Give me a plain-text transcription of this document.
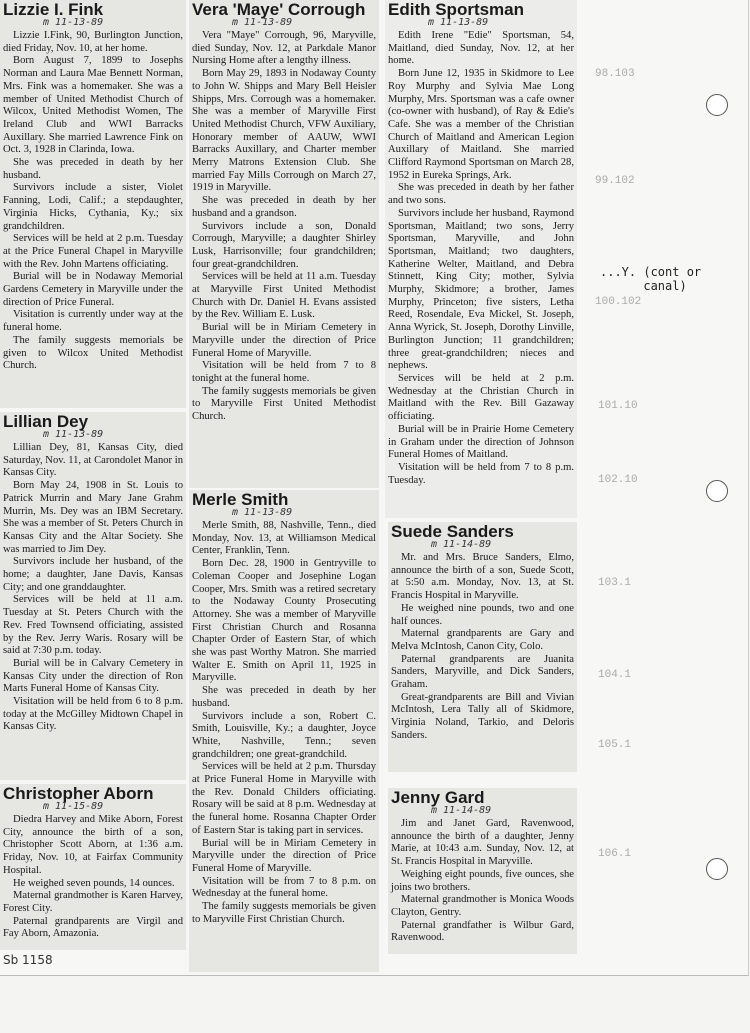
Lizzie I. Fink
m 11-13-89

Lizzie I.Fink, 90, Burlington Junction, died Friday, Nov. 10, at her home.

Born August 7, 1899 to Josephs Norman and Laura Mae Bennett Norman, Mrs. Fink was a homemaker. She was a member of United Methodist Church of Wilcox, United Methodist Women, The Ireland Club and WWI Barracks Auxillary. She married Lawrence Fink on Oct. 3, 1928 in Clarinda, Iowa.

She was preceded in death by her husband.

Survivors include a sister, Violet Fanning, Lodi, Calif.; a stepdaughter, Virginia Hicks, Cythania, Ky.; six grandchildren.

Services will be held at 2 p.m. Tuesday at the Price Funeral Chapel in Maryville with the Rev. John Martens officiating.

Burial will be in Nodaway Memorial Gardens Cemetery in Maryville under the direction of Price Funeral.

Visitation is currently under way at the funeral home.

The family suggests memorials be given to Wilcox United Methodist Church.

Lillian Dey
m 11-13-89

Lillian Dey, 81, Kansas City, died Saturday, Nov. 11, at Carondolet Manor in Kansas City.

Born May 24, 1908 in St. Louis to Patrick Murrin and Mary Jane Grahm Murrin, Ms. Dey was an IBM Secretary. She was a member of St. Peters Church in Kansas City and the Altar Society. She was married to Jim Dey.

Survivors include her husband, of the home; a daughter, Jane Davis, Kansas City; and one granddaughter.

Services will be held at 11 a.m. Tuesday at St. Peters Church with the Rev. Fred Townsend officiating, assisted by the Rev. Jerry Waris. Rosary will be said at 7:30 p.m. today.

Burial will be in Calvary Cemetery in Kansas City under the direction of Ron Marts Funeral Home of Kansas City.

Visitation will be held from 6 to 8 p.m. today at the McGilley Midtown Chapel in Kansas City.

Christopher Aborn
m 11-15-89

Diedra Harvey and Mike Aborn, Forest City, announce the birth of a son, Christopher Scott Aborn, at 1:36 a.m. Friday, Nov. 10, at Fairfax Community Hospital.

He weighed seven pounds, 14 ounces.

Maternal grandmother is Karen Harvey, Forest City.

Paternal grandparents are Virgil and Fay Aborn, Amazonia.

Vera 'Maye' Corrough
m 11-13-89

Vera "Maye" Corrough, 96, Maryville, died Sunday, Nov. 12, at Parkdale Manor Nursing Home after a lengthy illness.

Born May 29, 1893 in Nodaway County to John W. Shipps and Mary Bell Heisler Shipps, Mrs. Corrough was a homemaker. She was a member of Maryville First United Methodist Church, VFW Auxiliary, Honorary member of AAUW, WWI Barracks Auxillary, and Charter member Merry Matrons Extension Club. She married Fay Mills Corrough on March 27, 1919 in Maryville.

She was preceded in death by her husband and a grandson.

Survivors include a son, Donald Corrough, Maryville; a daughter Shirley Lusk, Harrisonville; four grandchildren; four great-grandchildren.

Services will be held at 11 a.m. Tuesday at Maryville First United Methodist Church with Dr. Daniel H. Evans assisted by the Rev. William E. Lusk.

Burial will be in Miriam Cemetery in Maryville under the direction of Price Funeral Home of Maryville.

Visitation will be held from 7 to 8 tonight at the funeral home.

The family suggests memorials be given to Maryville First United Methodist Church.

Merle Smith
m 11-13-89

Merle Smith, 88, Nashville, Tenn., died Monday, Nov. 13, at Williamson Medical Center, Franklin, Tenn.

Born Dec. 28, 1900 in Gentryville to Coleman Cooper and Josephine Logan Cooper, Mrs. Smith was a retired secretary to the Nodaway County Prosecuting Attorney. She was a member of Maryville First Christian Church and Rosanna Chapter Order of Eastern Star, of which she was past Worthy Matron. She married Walter E. Smith on April 11, 1925 in Maryville.

She was preceded in death by her husband.

Survivors include a son, Robert C. Smith, Louisville, Ky.; a daughter, Joyce White, Nashville, Tenn.; seven grandchildren; one great-grandchild.

Services will be held at 2 p.m. Thursday at Price Funeral Home in Maryville with the Rev. Donald Childers officiating. Rosary will be said at 8 p.m. Wednesday at the funeral home. Rosanna Chapter Order of Eastern Star is taking part in services.

Burial will be in Miriam Cemetery in Maryville under the direction of Price Funeral Home of Maryville.

Visitation will be from 7 to 8 p.m. on Wednesday at the funeral home.

The family suggests memorials be given to Maryville First Christian Church.

Edith Sportsman
m 11-13-89

Edith Irene "Edie" Sportsman, 54, Maitland, died Sunday, Nov. 12, at her home.

Born June 12, 1935 in Skidmore to Lee Roy Murphy and Sylvia Mae Long Murphy, Mrs. Sportsman was a cafe owner (co-owner with husband), of Ray & Edie's Cafe. She was a member of the Christian Church of Maitland and American Legion Auxillary of Maitland. She married Clifford Raymond Sportsman on March 28, 1952 in Eureka Springs, Ark.

She was preceded in death by her father and two sons.

Survivors include her husband, Raymond Sportsman, Maitland; two sons, Jerry Sportsman, Maryville, and John Sportsman, Maitland; two daughters, Katherine Welter, Maitland, and Debra Stinnett, King City; mother, Sylvia Murphy, Skidmore; a brother, James Murphy, Princeton; five sisters, Letha Reed, Rosendale, Eva Mickel, St. Joseph, Anna Wyrick, St. Joseph, Dorothy Linville, Burlington Junction; 11 grandchildren; three great-grandchildren; nieces and nephews.

Services will be held at 2 p.m. Wednesday at the Christian Church in Maitland with the Rev. Bill Gazaway officiating.

Burial will be in Prairie Home Cemetery in Graham under the direction of Johnson Funeral Homes of Maitland.

Visitation will be held from 7 to 8 p.m. Tuesday.

Suede Sanders
m 11-14-89

Mr. and Mrs. Bruce Sanders, Elmo, announce the birth of a son, Suede Scott, at 5:50 a.m. Monday, Nov. 13, at St. Francis Hospital in Maryville.

He weighed nine pounds, two and one half ounces.

Maternal grandparents are Gary and Melva McIntosh, Canon City, Colo.

Paternal grandparents are Juanita Sanders, Maryville, and Dick Sanders, Graham.

Great-grandparents are Bill and Vivian McIntosh, Lera Tally all of Skidmore, Virginia Noland, Tarkio, and Deloris Sanders.

Jenny Gard
m 11-14-89

Jim and Janet Gard, Ravenwood, announce the birth of a daughter, Jenny Marie, at 10:43 a.m. Sunday, Nov. 12, at St. Francis Hospital in Maryville.

Weighing eight pounds, five ounces, she joins two brothers.

Maternal grandmother is Monica Woods Clayton, Gentry.

Paternal grandfather is Wilbur Gard, Ravenwood.

...Y. (cont or
canal)
98.103
99.102
100.102
101.10
102.10
103.1
104.1
105.1
106.1
Sb 1158
